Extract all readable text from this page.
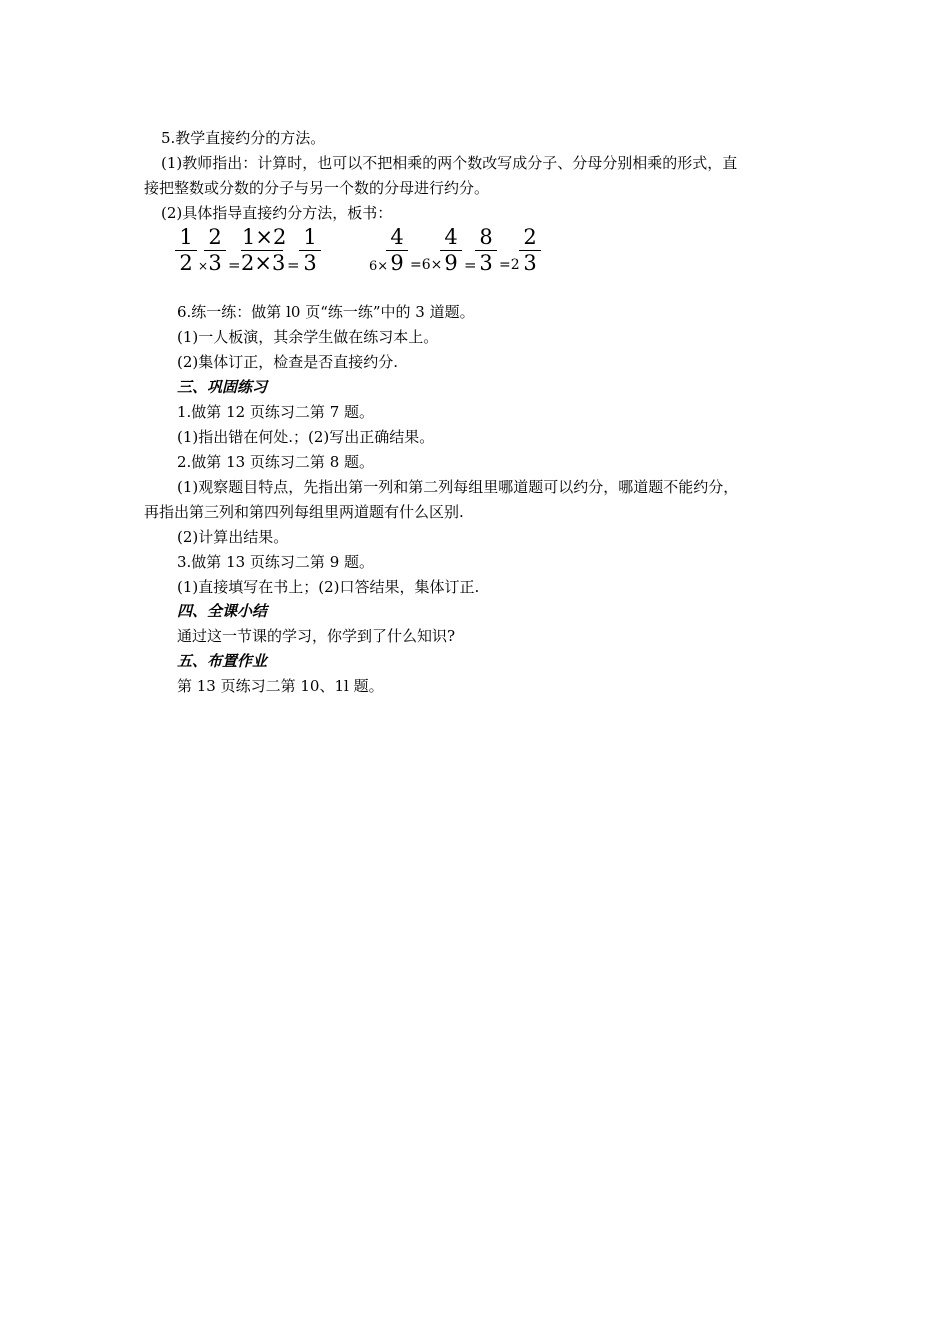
5.教学直接约分的方法。
(1)教师指出：计算时，也可以不把相乘的两个数改写成分子、分母分别相乘的形式，直
接把整数或分数的分子与另一个数的分母进行约分。
(2)具体指导直接约分方法，板书：
1
2 ×
2
3 =
1×2
2×3 =
1
3	6×
4
9 =6×
4
9 =
8
3 =2
2
3
6.练一练：做第 l0 页“练一练”中的 3 道题。
(1)一人板演，其余学生做在练习本上。
(2)集体订正，检查是否直接约分.
三、巩固练习
1.做第 12 页练习二第 7 题。
(1)指出错在何处.；(2)写出正确结果。
2.做第 13 页练习二第 8 题。
(1)观察题目特点，先指出第一列和第二列每组里哪道题可以约分，哪道题不能约分，
再指出第三列和第四列每组里两道题有什么区别.
(2)计算出结果。
3.做第 13 页练习二第 9 题。
(1)直接填写在书上；(2)口答结果，集体订正.
四、全课小结
通过这一节课的学习，你学到了什么知识?
五、布置作业
第 13 页练习二第 10、1l 题。
